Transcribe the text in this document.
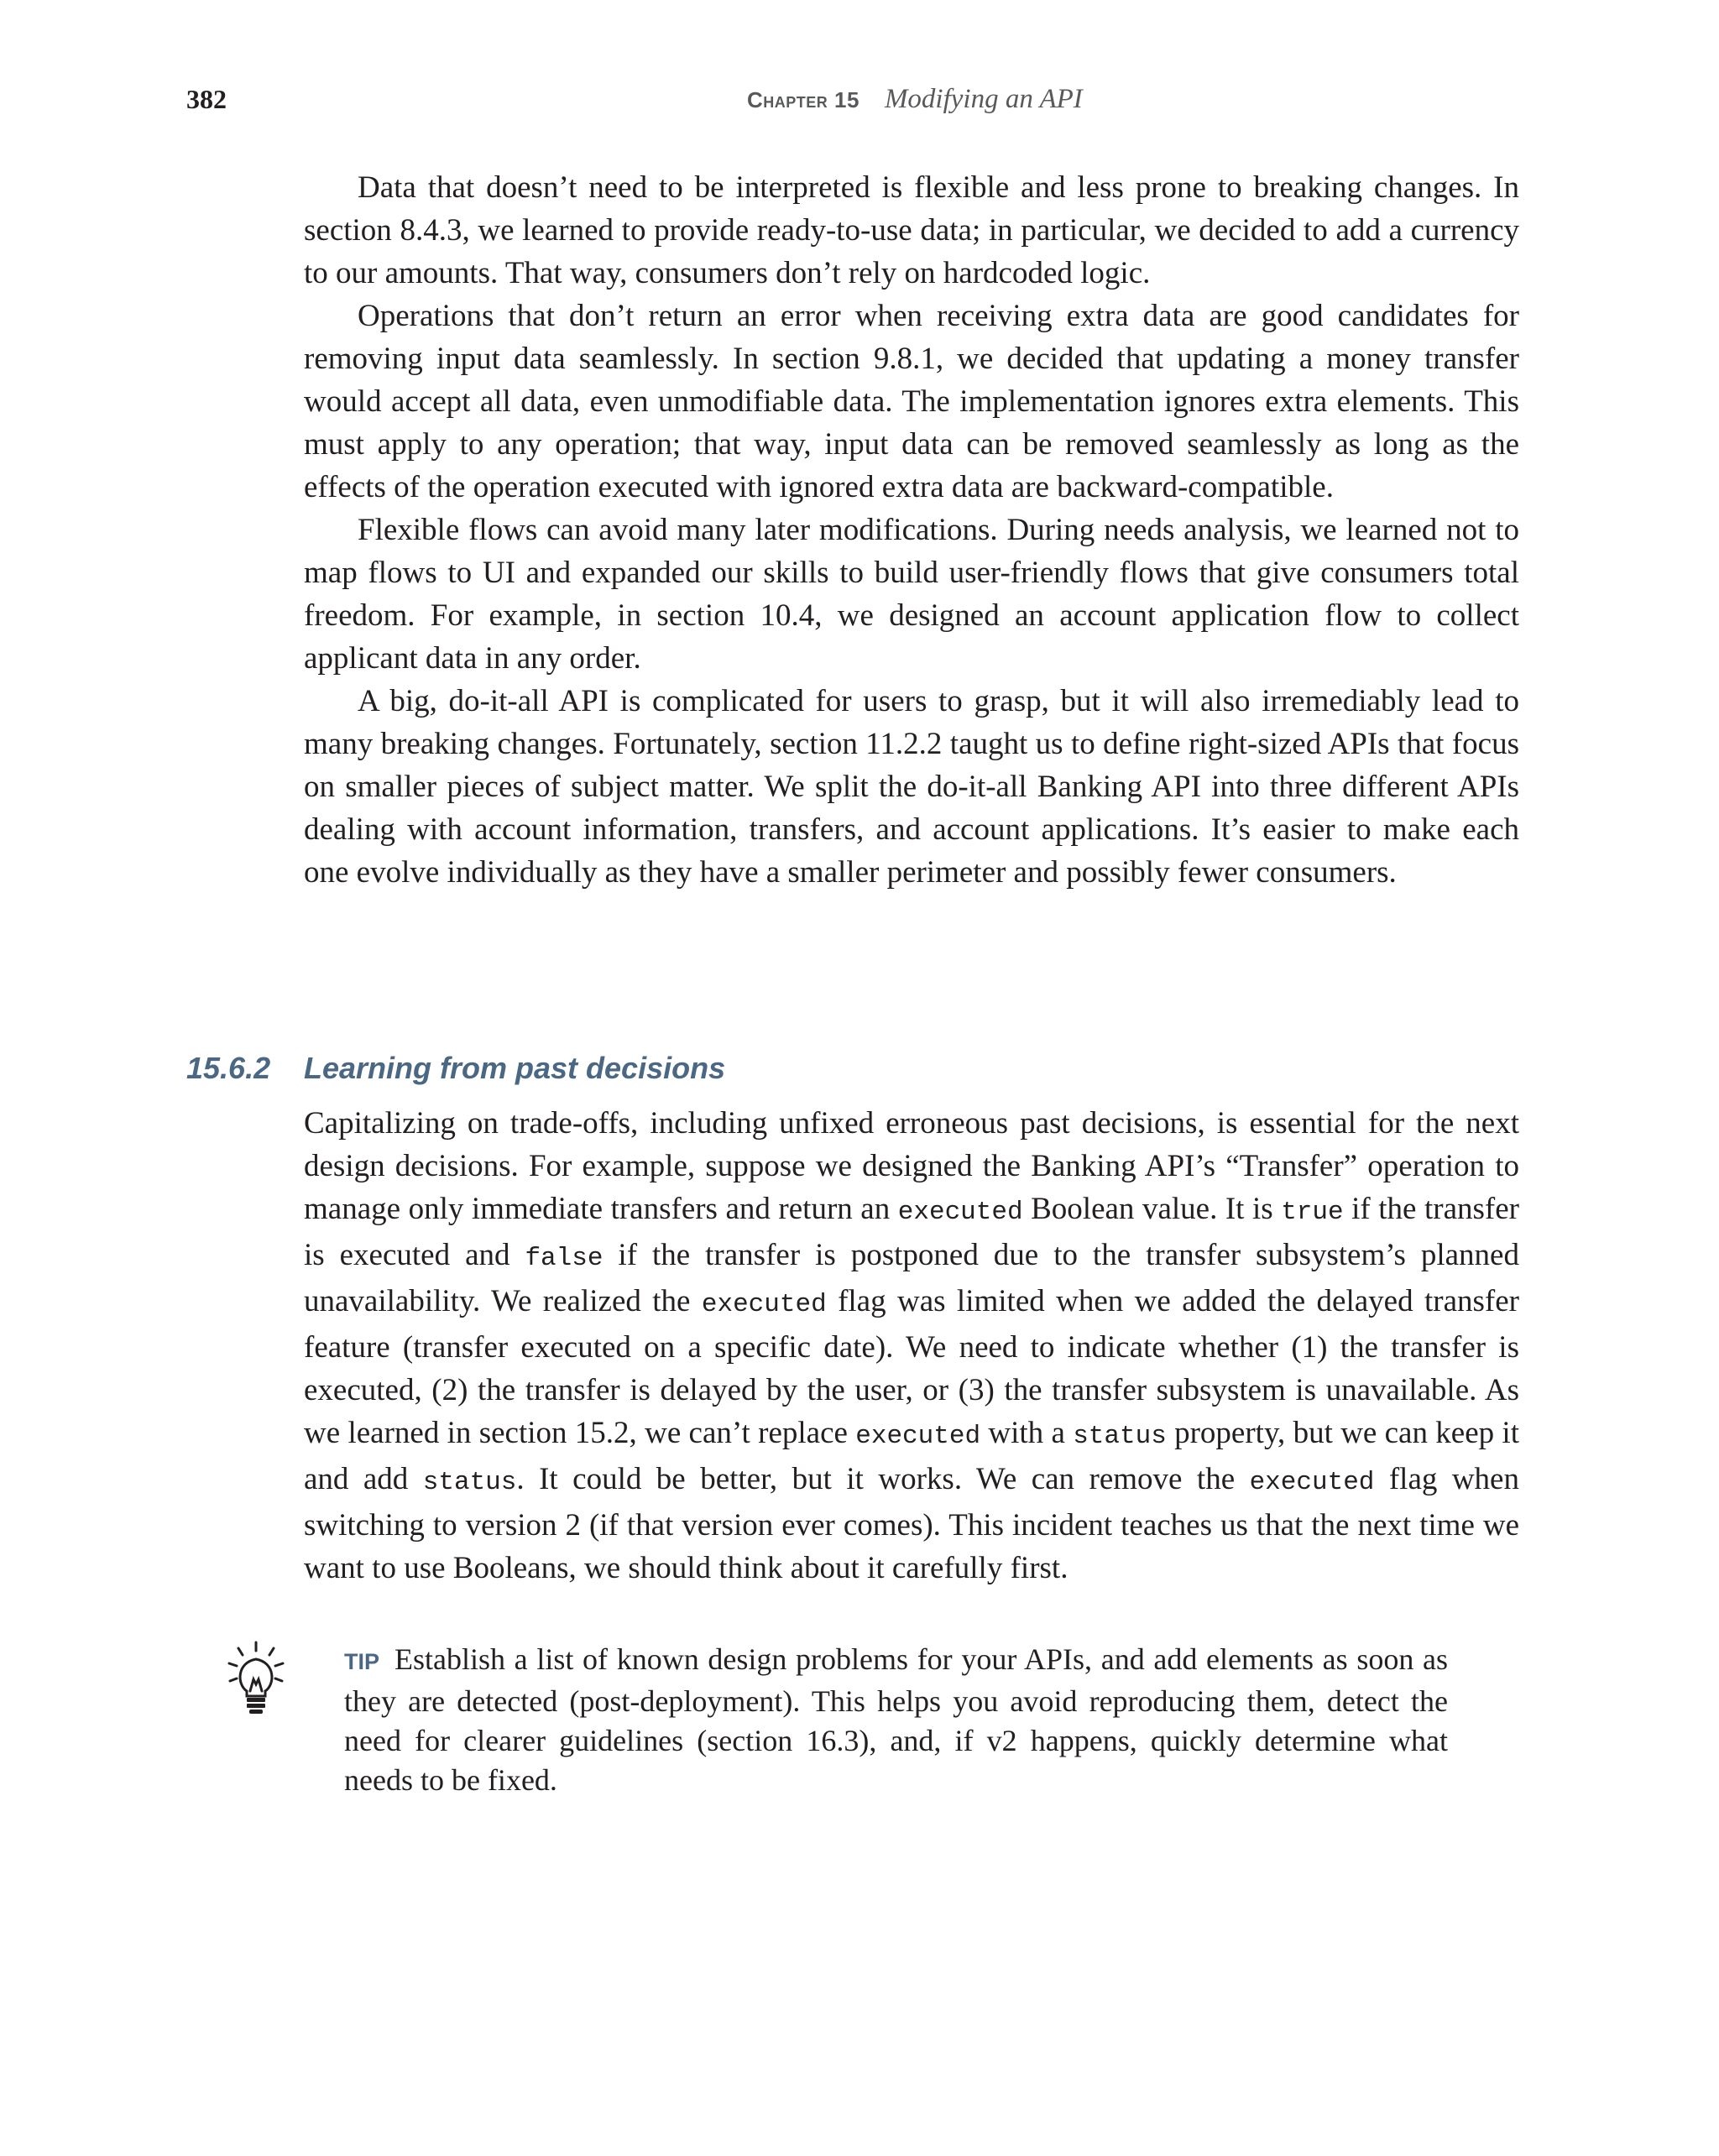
382	Chapter 15 Modifying an API

Data that doesn’t need to be interpreted is flexible and less prone to breaking changes. In section 8.4.3, we learned to provide ready-to-use data; in particular, we decided to add a currency to our amounts. That way, consumers don’t rely on hardcoded logic.

Operations that don’t return an error when receiving extra data are good candidates for removing input data seamlessly. In section 9.8.1, we decided that updating a money transfer would accept all data, even unmodifiable data. The implementation ignores extra elements. This must apply to any operation; that way, input data can be removed seamlessly as long as the effects of the operation executed with ignored extra data are backward-compatible.

Flexible flows can avoid many later modifications. During needs analysis, we learned not to map flows to UI and expanded our skills to build user-friendly flows that give consumers total freedom. For example, in section 10.4, we designed an account application flow to collect applicant data in any order.

A big, do-it-all API is complicated for users to grasp, but it will also irremediably lead to many breaking changes. Fortunately, section 11.2.2 taught us to define right-sized APIs that focus on smaller pieces of subject matter. We split the do-it-all Banking API into three different APIs dealing with account information, transfers, and account applications. It’s easier to make each one evolve individually as they have a smaller perimeter and possibly fewer consumers.

15.6.2 Learning from past decisions

Capitalizing on trade-offs, including unfixed erroneous past decisions, is essential for the next design decisions. For example, suppose we designed the Banking API’s “Transfer” operation to manage only immediate transfers and return an executed Boolean value. It is true if the transfer is executed and false if the transfer is postponed due to the transfer subsystem’s planned unavailability. We realized the executed flag was limited when we added the delayed transfer feature (transfer executed on a specific date). We need to indicate whether (1) the transfer is executed, (2) the transfer is delayed by the user, or (3) the transfer subsystem is unavailable. As we learned in section 15.2, we can’t replace executed with a status property, but we can keep it and add status. It could be better, but it works. We can remove the executed flag when switching to version 2 (if that version ever comes). This incident teaches us that the next time we want to use Booleans, we should think about it carefully first.

TIP Establish a list of known design problems for your APIs, and add elements as soon as they are detected (post-deployment). This helps you avoid reproducing them, detect the need for clearer guidelines (section 16.3), and, if v2 happens, quickly determine what needs to be fixed.
